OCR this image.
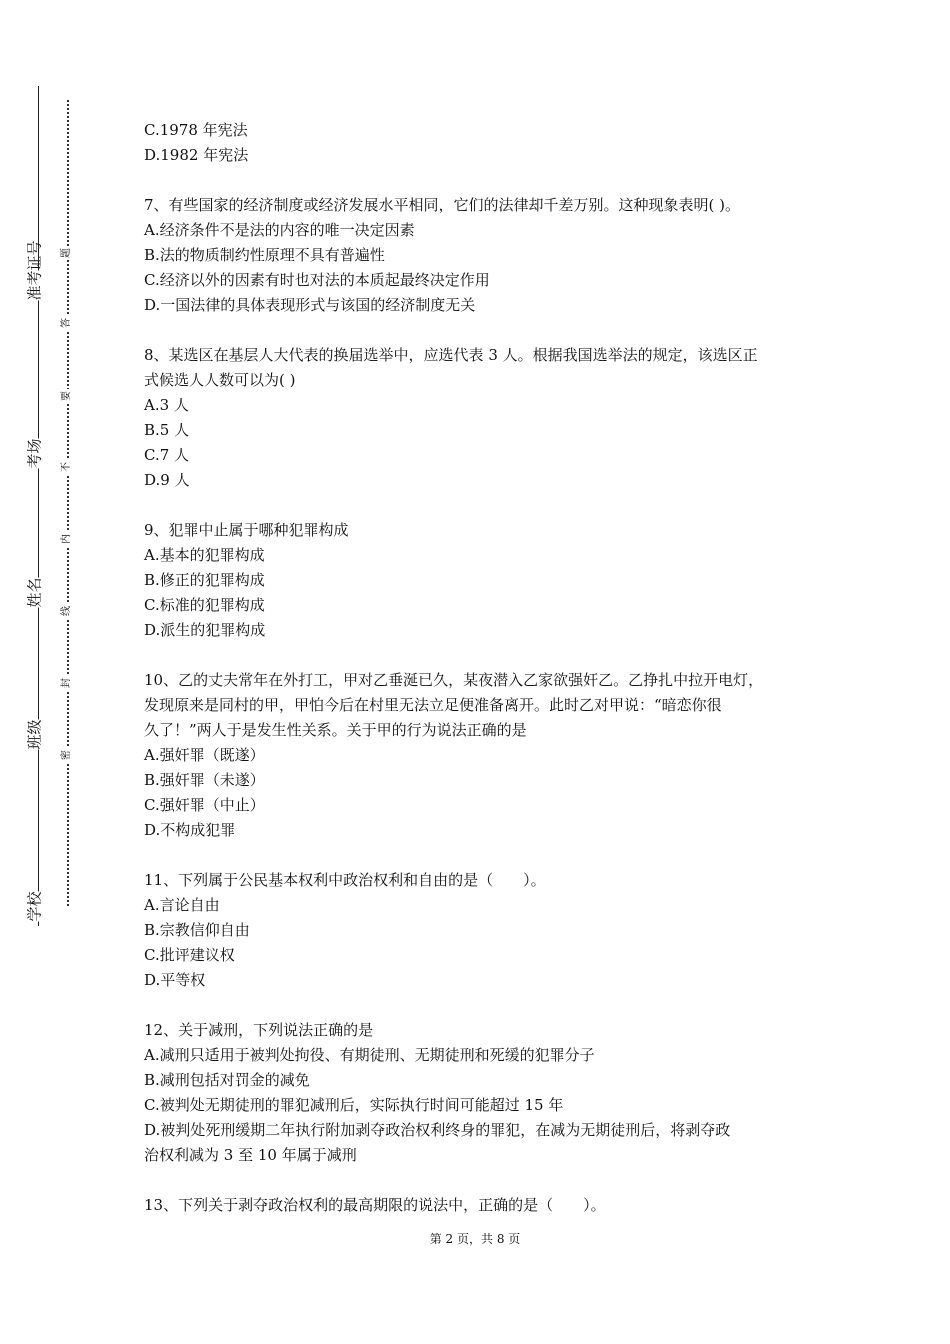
准考证号
考场
姓名
班级
学校
题
答
要
不
内
线
封
密
C.1978 年宪法
D.1982 年宪法
7、有些国家的经济制度或经济发展水平相同，它们的法律却千差万别。这种现象表明( )。
A.经济条件不是法的内容的唯一决定因素
B.法的物质制约性原理不具有普遍性
C.经济以外的因素有时也对法的本质起最终决定作用
D.一国法律的具体表现形式与该国的经济制度无关
8、某选区在基层人大代表的换届选举中，应选代表 3 人。根据我国选举法的规定，该选区正
式候选人人数可以为( )
A.3 人
B.5 人
C.7 人
D.9 人
9、犯罪中止属于哪种犯罪构成
A.基本的犯罪构成
B.修正的犯罪构成
C.标准的犯罪构成
D.派生的犯罪构成
10、乙的丈夫常年在外打工，甲对乙垂涎已久，某夜潜入乙家欲强奸乙。乙挣扎中拉开电灯，
发现原来是同村的甲，甲怕今后在村里无法立足便准备离开。此时乙对甲说：“暗恋你很
久了！”两人于是发生性关系。关于甲的行为说法正确的是
A.强奸罪（既遂）
B.强奸罪（未遂）
C.强奸罪（中止）
D.不构成犯罪
11、下列属于公民基本权利中政治权利和自由的是（　　）。
A.言论自由
B.宗教信仰自由
C.批评建议权
D.平等权
12、关于减刑，下列说法正确的是
A.减刑只适用于被判处拘役、有期徒刑、无期徒刑和死缓的犯罪分子
B.减刑包括对罚金的减免
C.被判处无期徒刑的罪犯减刑后，实际执行时间可能超过 15 年
D.被判处死刑缓期二年执行附加剥夺政治权利终身的罪犯，在减为无期徒刑后，将剥夺政
治权利减为 3 至 10 年属于减刑
13、下列关于剥夺政治权利的最高期限的说法中，正确的是（　　）。
第 2 页，共 8 页
